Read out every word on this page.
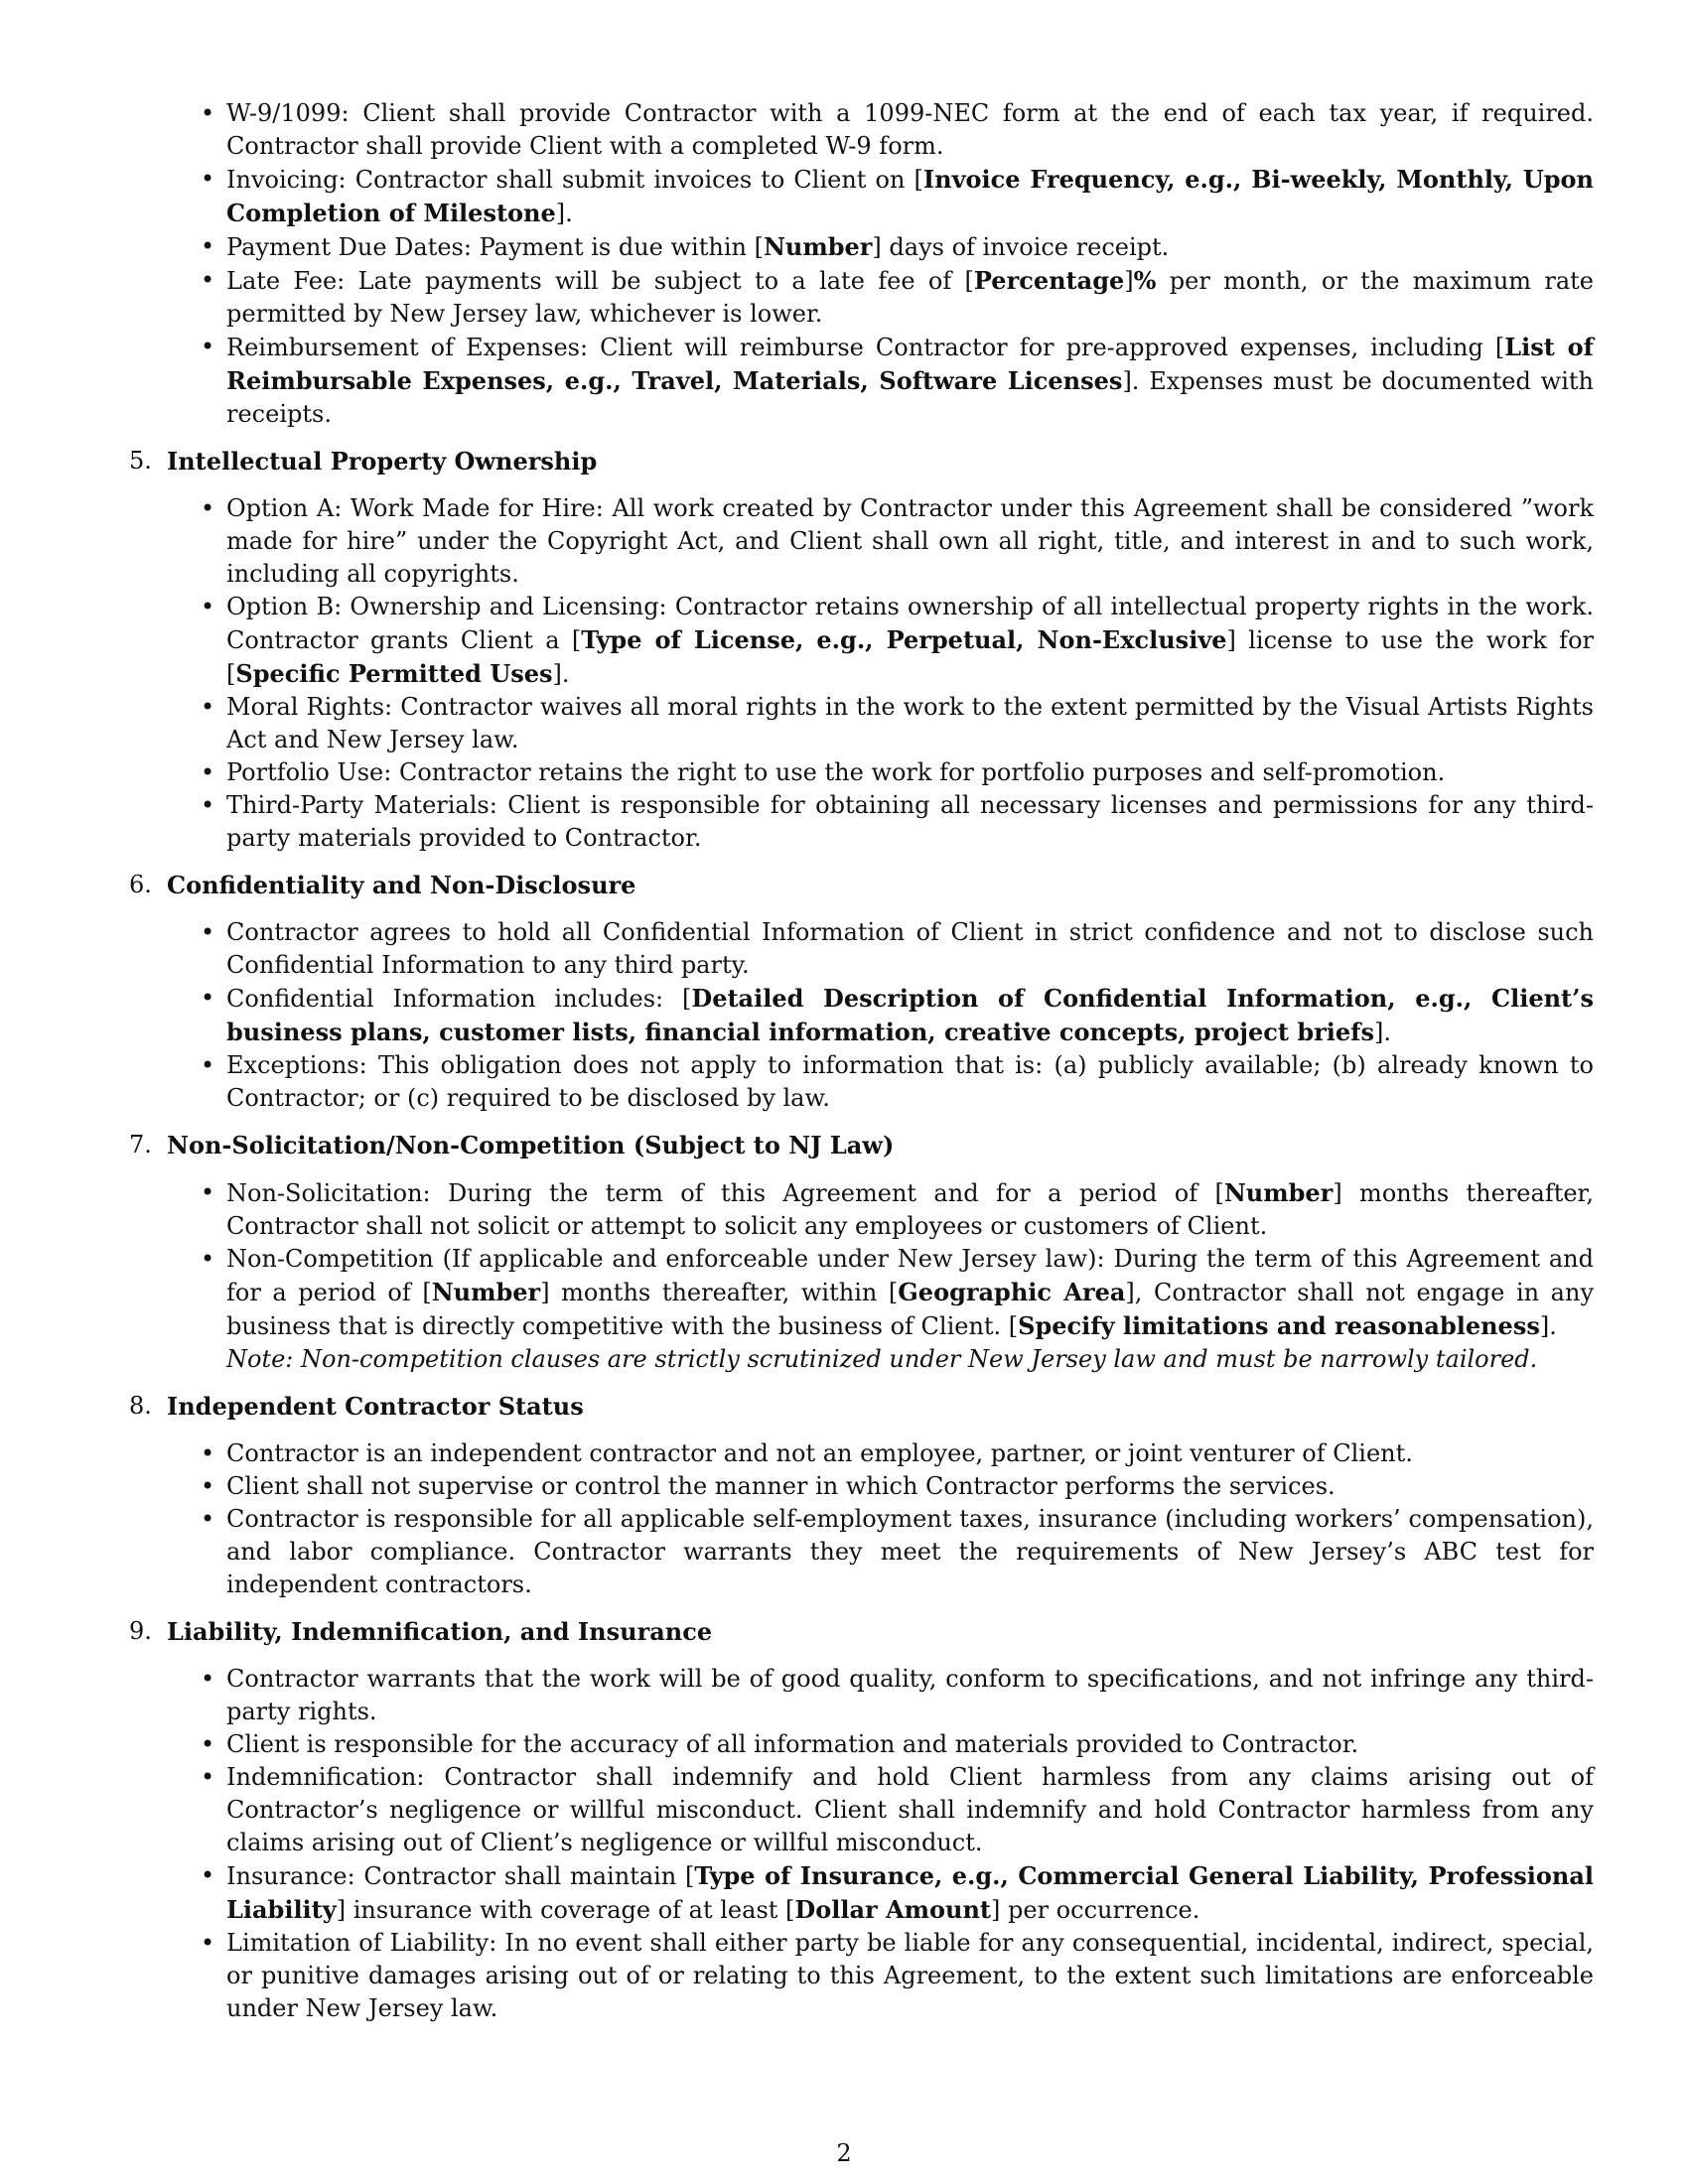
• W-9/1099: Client shall provide Contractor with a 1099-NEC form at the end of each tax year, if required. Contractor shall provide Client with a completed W-9 form.
• Invoicing: Contractor shall submit invoices to Client on [Invoice Frequency, e.g., Bi-weekly, Monthly, Upon Completion of Milestone].
• Payment Due Dates: Payment is due within [Number] days of invoice receipt.
• Late Fee: Late payments will be subject to a late fee of [Percentage]% per month, or the maximum rate permitted by New Jersey law, whichever is lower.
• Reimbursement of Expenses: Client will reimburse Contractor for pre-approved expenses, including [List of Reimbursable Expenses, e.g., Travel, Materials, Software Licenses]. Expenses must be documented with receipts.
5. Intellectual Property Ownership
• Option A: Work Made for Hire: All work created by Contractor under this Agreement shall be considered ”work made for hire” under the Copyright Act, and Client shall own all right, title, and interest in and to such work, including all copyrights.
• Option B: Ownership and Licensing: Contractor retains ownership of all intellectual property rights in the work. Contractor grants Client a [Type of License, e.g., Perpetual, Non-Exclusive] license to use the work for [Specific Permitted Uses].
• Moral Rights: Contractor waives all moral rights in the work to the extent permitted by the Visual Artists Rights Act and New Jersey law.
• Portfolio Use: Contractor retains the right to use the work for portfolio purposes and self-promotion.
• Third-Party Materials: Client is responsible for obtaining all necessary licenses and permissions for any third-party materials provided to Contractor.
6. Confidentiality and Non-Disclosure
• Contractor agrees to hold all Confidential Information of Client in strict confidence and not to disclose such Confidential Information to any third party.
• Confidential Information includes: [Detailed Description of Confidential Information, e.g., Client’s business plans, customer lists, financial information, creative concepts, project briefs].
• Exceptions: This obligation does not apply to information that is: (a) publicly available; (b) already known to Contractor; or (c) required to be disclosed by law.
7. Non-Solicitation/Non-Competition (Subject to NJ Law)
• Non-Solicitation: During the term of this Agreement and for a period of [Number] months thereafter, Contractor shall not solicit or attempt to solicit any employees or customers of Client.
• Non-Competition (If applicable and enforceable under New Jersey law): During the term of this Agreement and for a period of [Number] months thereafter, within [Geographic Area], Contractor shall not engage in any business that is directly competitive with the business of Client. [Specify limitations and reasonableness].
Note: Non-competition clauses are strictly scrutinized under New Jersey law and must be narrowly tailored.
8. Independent Contractor Status
• Contractor is an independent contractor and not an employee, partner, or joint venturer of Client.
• Client shall not supervise or control the manner in which Contractor performs the services.
• Contractor is responsible for all applicable self-employment taxes, insurance (including workers’ compensation), and labor compliance. Contractor warrants they meet the requirements of New Jersey’s ABC test for independent contractors.
9. Liability, Indemnification, and Insurance
• Contractor warrants that the work will be of good quality, conform to specifications, and not infringe any third-party rights.
• Client is responsible for the accuracy of all information and materials provided to Contractor.
• Indemnification: Contractor shall indemnify and hold Client harmless from any claims arising out of Contractor’s negligence or willful misconduct. Client shall indemnify and hold Contractor harmless from any claims arising out of Client’s negligence or willful misconduct.
• Insurance: Contractor shall maintain [Type of Insurance, e.g., Commercial General Liability, Professional Liability] insurance with coverage of at least [Dollar Amount] per occurrence.
• Limitation of Liability: In no event shall either party be liable for any consequential, incidental, indirect, special, or punitive damages arising out of or relating to this Agreement, to the extent such limitations are enforceable under New Jersey law.
2
